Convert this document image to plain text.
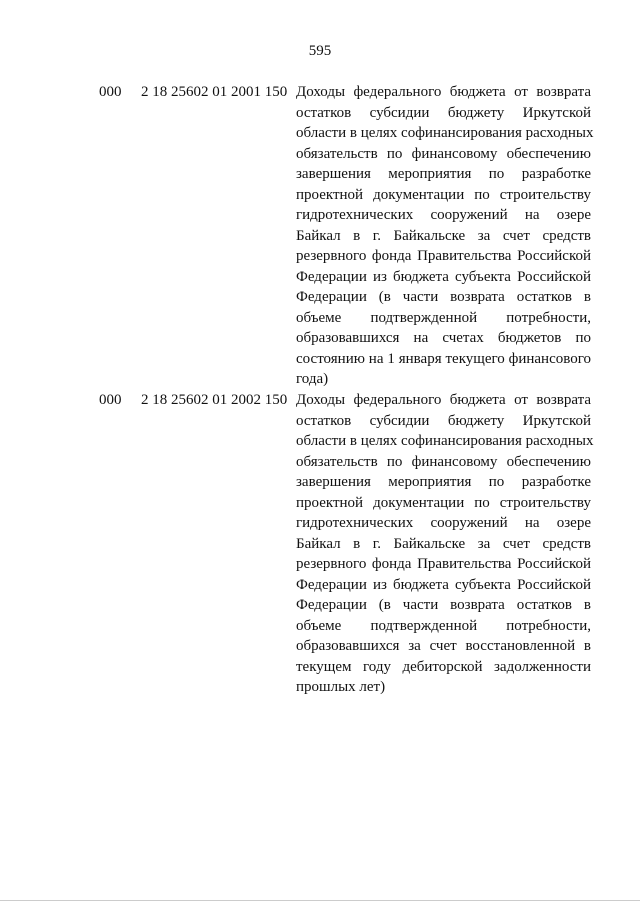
595
000 2 18 25602 01 2001 150 Доходы федерального бюджета от возврата
остатков субсидии бюджету Иркутской
области в целях софинансирования расходных
обязательств по финансовому обеспечению
завершения мероприятия по разработке
проектной документации по строительству
гидротехнических сооружений на озере
Байкал в г. Байкальске за счет средств
резервного фонда Правительства Российской
Федерации из бюджета субъекта Российской
Федерации (в части возврата остатков в
объеме подтвержденной потребности,
образовавшихся на счетах бюджетов по
состоянию на 1 января текущего финансового
года)
000 2 18 25602 01 2002 150 Доходы федерального бюджета от возврата
остатков субсидии бюджету Иркутской
области в целях софинансирования расходных
обязательств по финансовому обеспечению
завершения мероприятия по разработке
проектной документации по строительству
гидротехнических сооружений на озере
Байкал в г. Байкальске за счет средств
резервного фонда Правительства Российской
Федерации из бюджета субъекта Российской
Федерации (в части возврата остатков в
объеме подтвержденной потребности,
образовавшихся за счет восстановленной в
текущем году дебиторской задолженности
прошлых лет)
